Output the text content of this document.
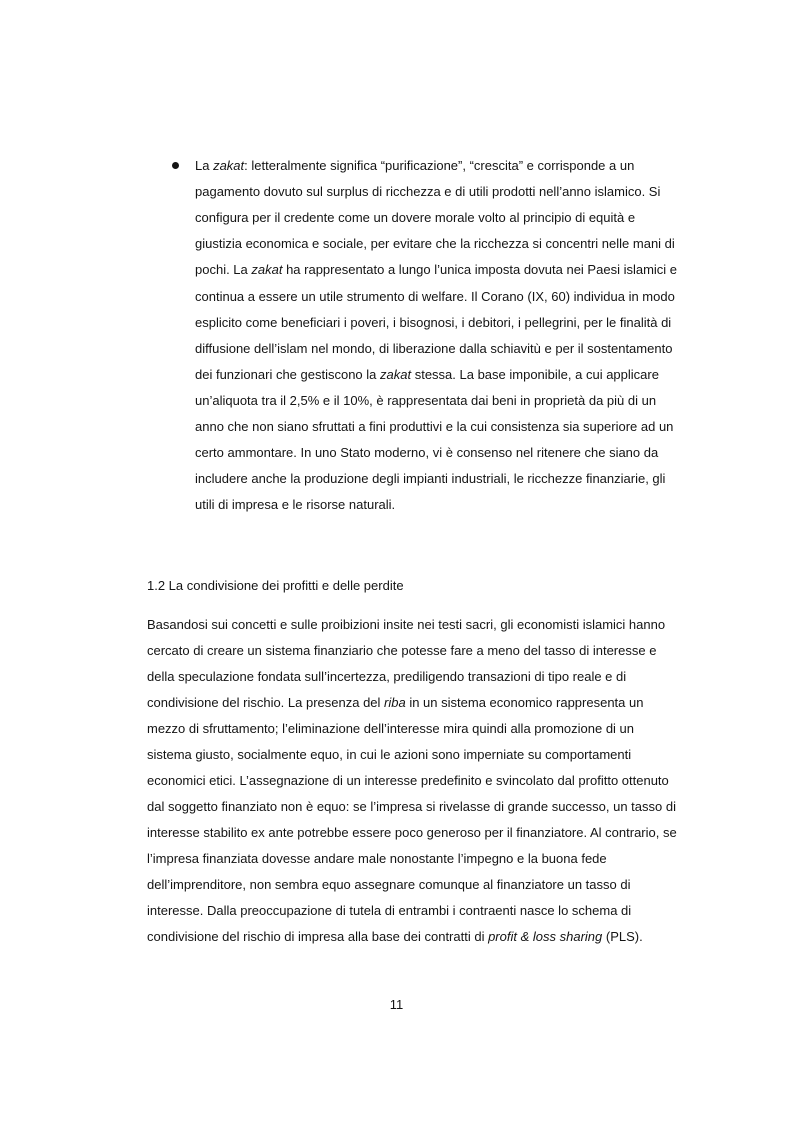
La zakat: letteralmente significa “purificazione”, “crescita” e corrisponde a un
pagamento dovuto sul surplus di ricchezza e di utili prodotti nell’anno islamico. Si
configura per il credente come un dovere morale volto al principio di equità e
giustizia economica e sociale, per evitare che la ricchezza si concentri nelle mani di
pochi. La zakat ha rappresentato a lungo l’unica imposta dovuta nei Paesi islamici e
continua a essere un utile strumento di welfare. Il Corano (IX, 60) individua in modo
esplicito come beneficiari i poveri, i bisognosi, i debitori, i pellegrini, per le finalità di
diffusione dell’islam nel mondo, di liberazione dalla schiavitù e per il sostentamento
dei funzionari che gestiscono la zakat stessa. La base imponibile, a cui applicare
un’aliquota tra il 2,5% e il 10%, è rappresentata dai beni in proprietà da più di un
anno che non siano sfruttati a fini produttivi e la cui consistenza sia superiore ad un
certo ammontare. In uno Stato moderno, vi è consenso nel ritenere che siano da
includere anche la produzione degli impianti industriali, le ricchezze finanziarie, gli
utili di impresa e le risorse naturali.
1.2 La condivisione dei profitti e delle perdite
Basandosi sui concetti e sulle proibizioni insite nei testi sacri, gli economisti islamici hanno
cercato di creare un sistema finanziario che potesse fare a meno del tasso di interesse e
della speculazione fondata sull’incertezza, prediligendo transazioni di tipo reale e di
condivisione del rischio. La presenza del riba in un sistema economico rappresenta un
mezzo di sfruttamento; l’eliminazione dell’interesse mira quindi alla promozione di un
sistema giusto, socialmente equo, in cui le azioni sono imperniate su comportamenti
economici etici. L’assegnazione di un interesse predefinito e svincolato dal profitto ottenuto
dal soggetto finanziato non è equo: se l’impresa si rivelasse di grande successo, un tasso di
interesse stabilito ex ante potrebbe essere poco generoso per il finanziatore. Al contrario, se
l’impresa finanziata dovesse andare male nonostante l’impegno e la buona fede
dell’imprenditore, non sembra equo assegnare comunque al finanziatore un tasso di
interesse. Dalla preoccupazione di tutela di entrambi i contraenti nasce lo schema di
condivisione del rischio di impresa alla base dei contratti di profit & loss sharing (PLS).
11
